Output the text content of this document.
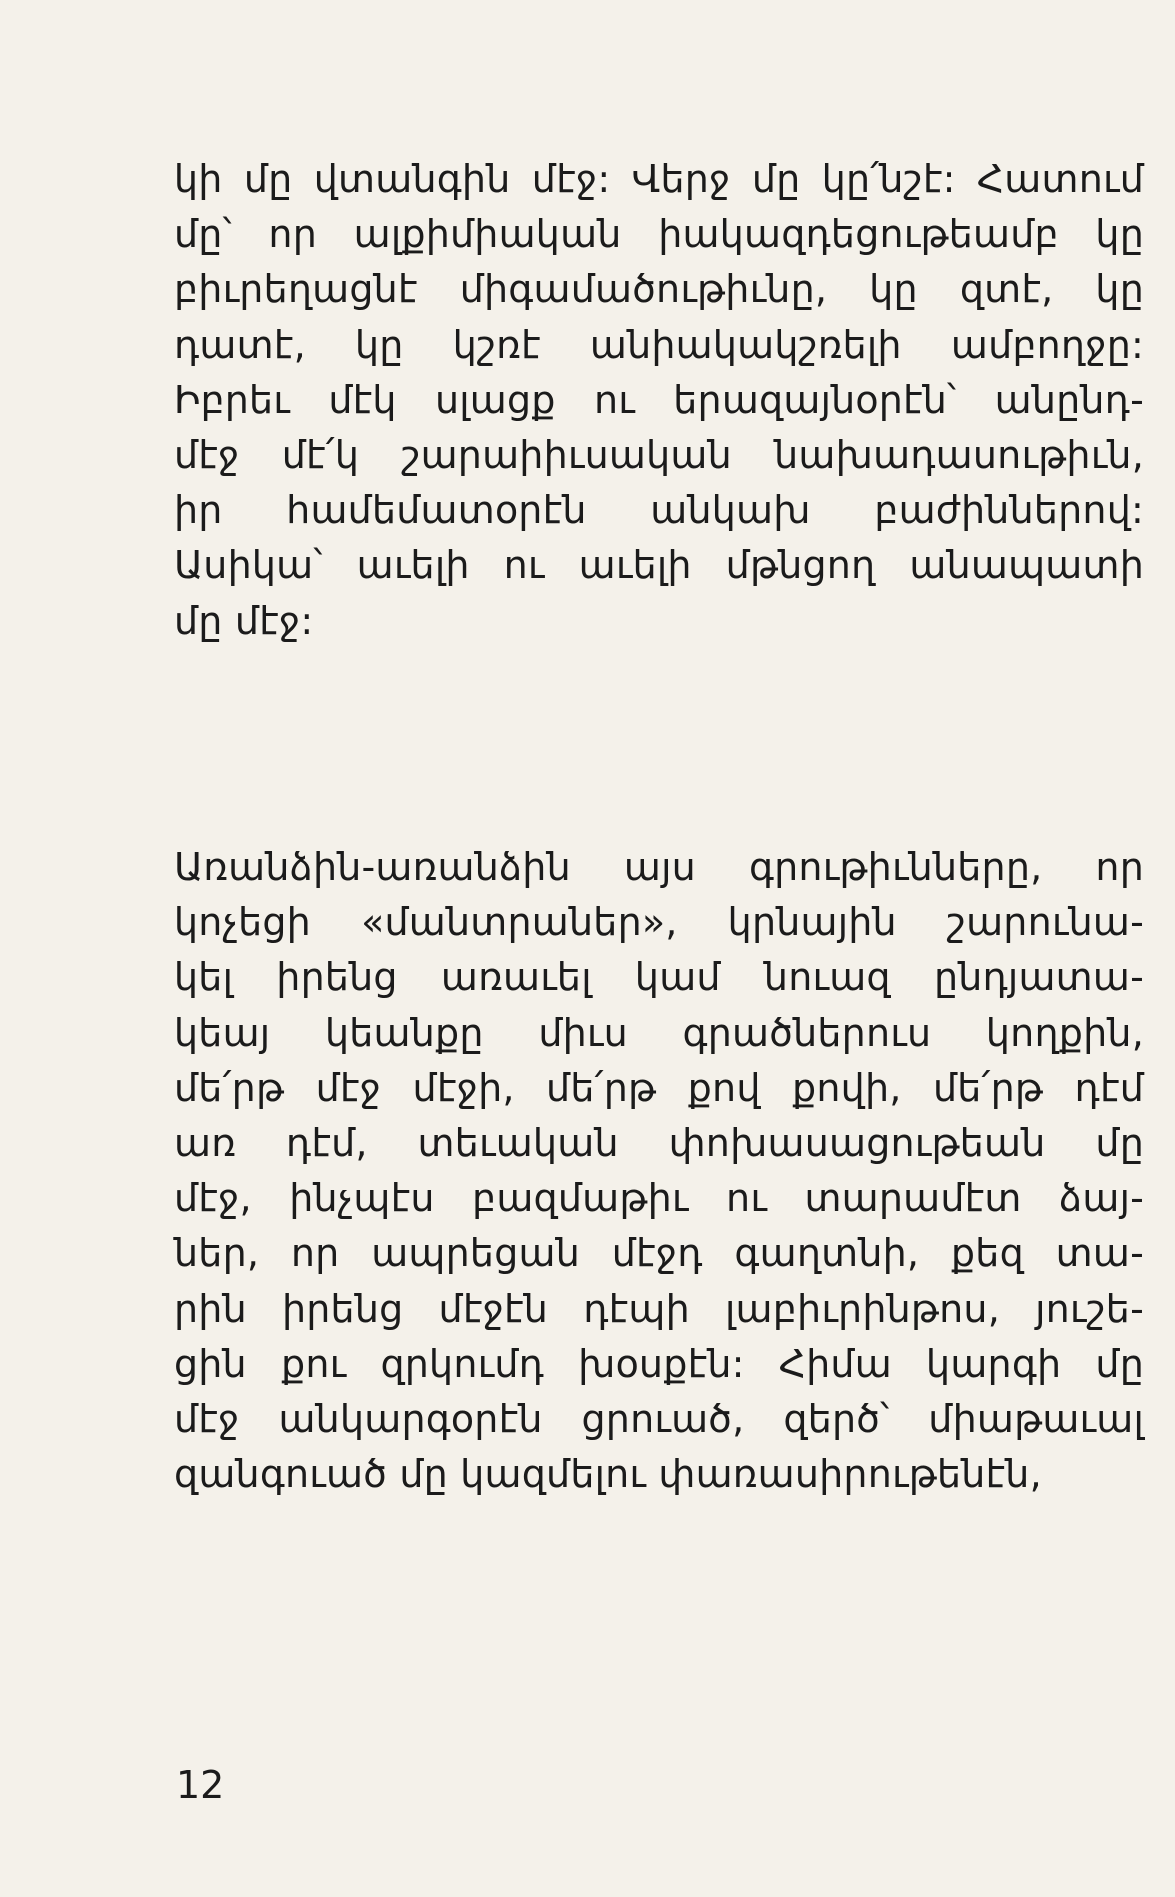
կի մը վտանգին մէջ: Վերջ մը կը՛նշէ: Հատում
մը՝ որ ալքիմիական իակազդեցութեամբ կը
բիւրեղացնէ միգամածութիւնը, կը զտէ, կը
դատէ, կը կշռէ անիակակշռելի ամբողջը:
Իբրեւ մէկ սլացք ու երազայնօրէն՝ անընդ-
մէջ մէ՛կ շարաիիւսական նախադասութիւն,
իր համեմատօրէն անկախ բաժիններով:
Ասիկա՝ աւելի ու աւելի մթնցող անապատի
մը մէջ:
Առանձին-առանձին այս գրութիւնները, որ
կոչեցի «մանտրաներ», կրնային շարունա-
կել իրենց առաւել կամ նուազ ընդյատա-
կեայ կեանքը միւս գրածներուս կողքին,
մե՛րթ մէջ մէջի, մե՛րթ քով քովի, մե՛րթ դէմ
առ դէմ, տեւական փոխասացութեան մը
մէջ, ինչպէս բազմաթիւ ու տարամէտ ձայ-
ներ, որ ապրեցան մէջդ գաղտնի, քեզ տա-
րին իրենց մէջէն դէպի լաբիւրինթոս, յուշե-
ցին քու զրկումդ խօսքէն: Հիմա կարգի մը
մէջ անկարգօրէն ցրուած, զերծ՝ միաթաւալ
զանգուած մը կազմելու փառասիրութենէն,

12
